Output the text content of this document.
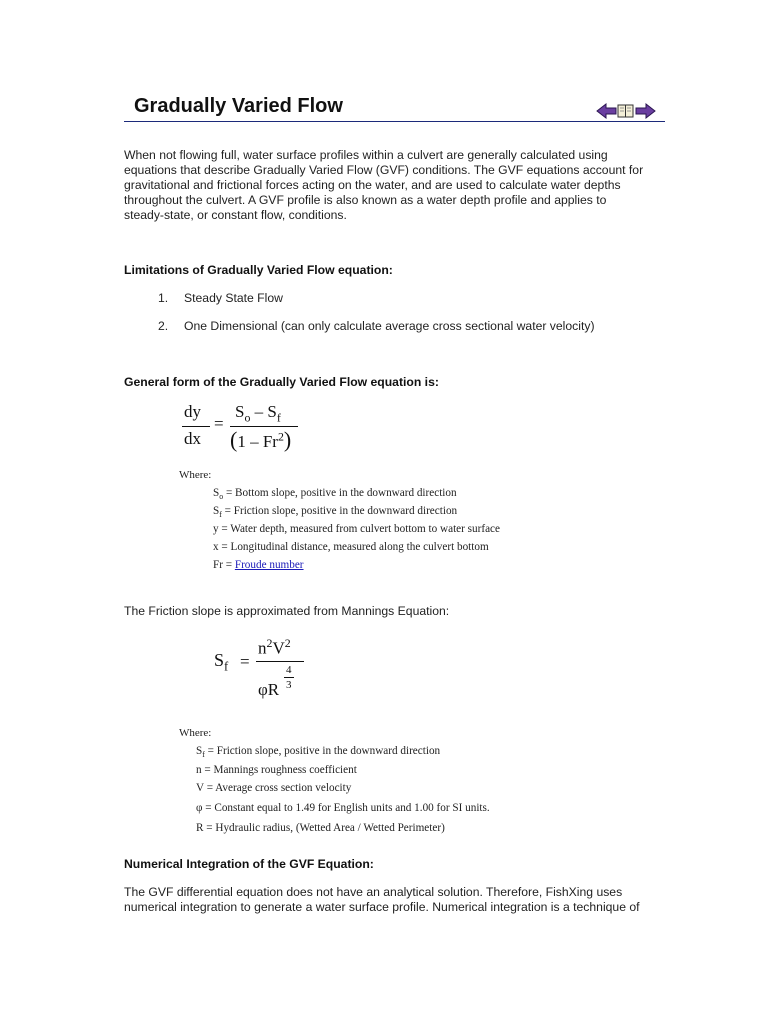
Gradually Varied Flow
When not flowing full, water surface profiles within a culvert are generally calculated using
equations that describe Gradually Varied Flow (GVF) conditions. The GVF equations account for
gravitational and frictional forces acting on the water, and are used to calculate water depths
throughout the culvert. A GVF profile is also known as a water depth profile and applies to
steady-state, or constant flow, conditions.
Limitations of Gradually Varied Flow equation:
1. Steady State Flow
2. One Dimensional (can only calculate average cross sectional water velocity)
General form of the Gradually Varied Flow equation is:
dy
dx
=
$S_o - S_f$
(1 – Fr$^2$)
Where:
$S_o$ = Bottom slope, positive in the downward direction
$S_f$ = Friction slope, positive in the downward direction
y = Water depth, measured from culvert bottom to water surface
x = Longitudinal distance, measured along the culvert bottom
Fr = Froude number
The Friction slope is approximated from Mannings Equation:
$S_f$ =
$n^2V^2$
φR
4
3
Where:
$S_f$ = Friction slope, positive in the downward direction
n = Mannings roughness coefficient
V = Average cross section velocity
φ = Constant equal to 1.49 for English units and 1.00 for SI units.
R = Hydraulic radius, (Wetted Area / Wetted Perimeter)
Numerical Integration of the GVF Equation:
The GVF differential equation does not have an analytical solution. Therefore, FishXing uses
numerical integration to generate a water surface profile. Numerical integration is a technique of
